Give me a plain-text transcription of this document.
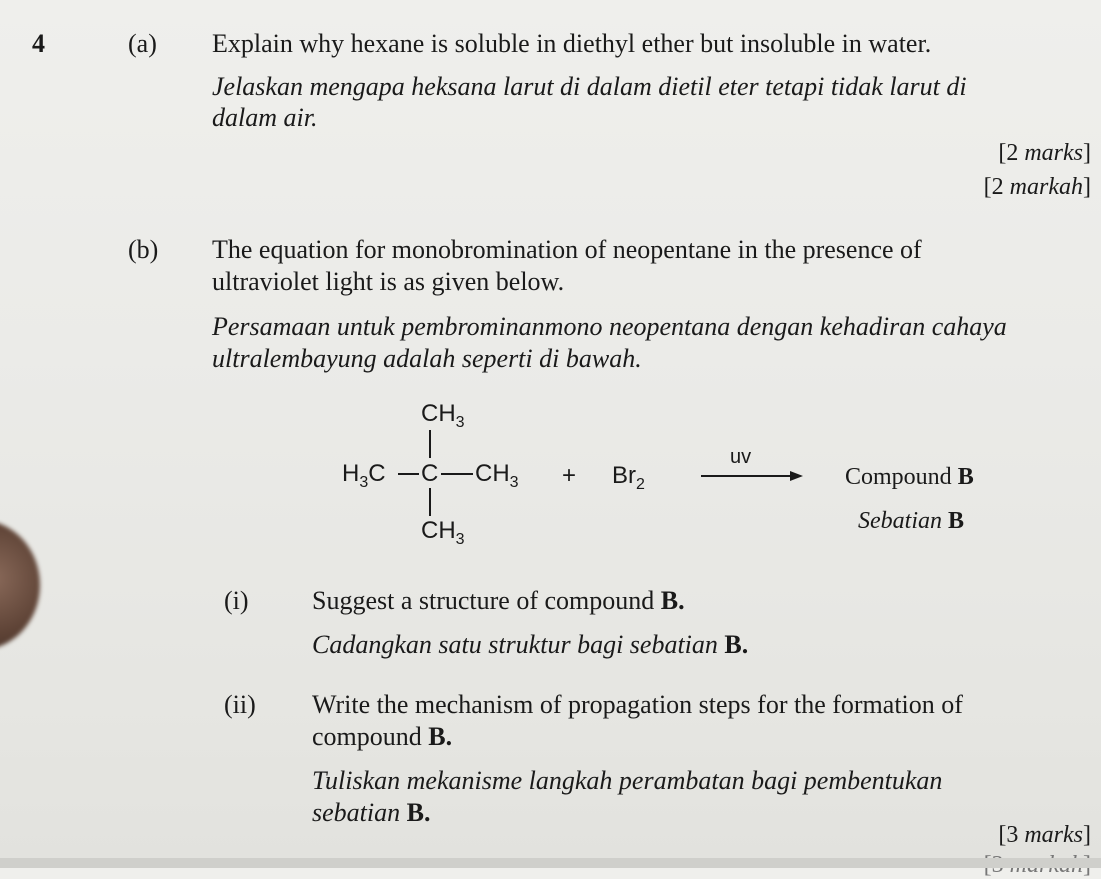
4	(a) Explain why hexane is soluble in diethyl ether but insoluble in water.
Jelaskan mengapa heksana larut di dalam dietil eter tetapi tidak larut di
dalam air.
[2 marks]
[2 markah]
(b) The equation for monobromination of neopentane in the presence of
ultraviolet light is as given below.
Persamaan untuk pembrominanmono neopentana dengan kehadiran cahaya
ultralembayung adalah seperti di bawah.
$CH_3$
$H_3C$ C $CH_3$
$CH_3$
+ $Br_2$
uv
Compound B
Sebatian B
(i) Suggest a structure of compound B.
Cadangkan satu struktur bagi sebatian B.
(ii) Write the mechanism of propagation steps for the formation of
compound B.
Tuliskan mekanisme langkah perambatan bagi pembentukan
sebatian B.
[3 marks]
